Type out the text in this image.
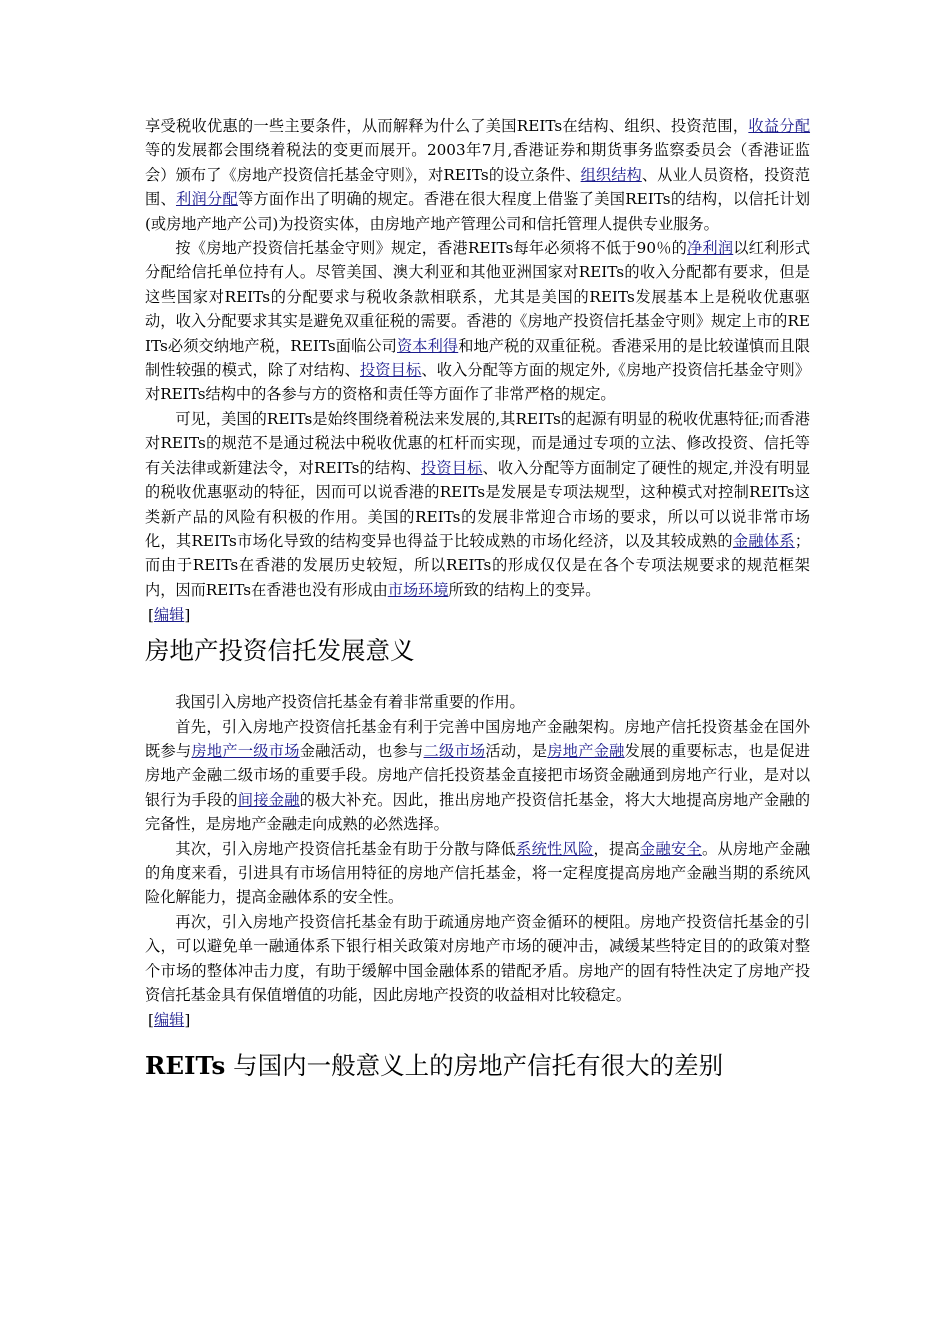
享受税收优惠的一些主要条件，从而解释为什么了美国REITs在结构、组织、投资范围，收益分配等的发展都会围绕着税法的变更而展开。2003年7月,香港证券和期货事务监察委员会（香港证监会）颁布了《房地产投资信托基金守则》，对REITs的设立条件、组织结构、从业人员资格，投资范围、利润分配等方面作出了明确的规定。香港在很大程度上借鉴了美国REITs的结构，以信托计划(或房地产地产公司)为投资实体，由房地产地产管理公司和信托管理人提供专业服务。

按《房地产投资信托基金守则》规定，香港REITs每年必须将不低于90％的净利润以红利形式分配给信托单位持有人。尽管美国、澳大利亚和其他亚洲国家对REITs的收入分配都有要求，但是这些国家对REITs的分配要求与税收条款相联系，尤其是美国的REITs发展基本上是税收优惠驱动，收入分配要求其实是避免双重征税的需要。香港的《房地产投资信托基金守则》规定上市的REITs必须交纳地产税，REITs面临公司资本利得和地产税的双重征税。香港采用的是比较谨慎而且限制性较强的模式，除了对结构、投资目标、收入分配等方面的规定外,《房地产投资信托基金守则》对REITs结构中的各参与方的资格和责任等方面作了非常严格的规定。

可见，美国的REITs是始终围绕着税法来发展的,其REITs的起源有明显的税收优惠特征;而香港对REITs的规范不是通过税法中税收优惠的杠杆而实现，而是通过专项的立法、修改投资、信托等有关法律或新建法令，对REITs的结构、投资目标、收入分配等方面制定了硬性的规定,并没有明显的税收优惠驱动的特征，因而可以说香港的REITs是发展是专项法规型，这种模式对控制REITs这类新产品的风险有积极的作用。美国的REITs的发展非常迎合市场的要求，所以可以说非常市场化，其REITs市场化导致的结构变异也得益于比较成熟的市场化经济，以及其较成熟的金融体系；而由于REITs在香港的发展历史较短，所以REITs的形成仅仅是在各个专项法规要求的规范框架内，因而REITs在香港也没有形成由市场环境所致的结构上的变异。

[编辑]
房地产投资信托发展意义

我国引入房地产投资信托基金有着非常重要的作用。

首先，引入房地产投资信托基金有利于完善中国房地产金融架构。房地产信托投资基金在国外既参与房地产一级市场金融活动，也参与二级市场活动，是房地产金融发展的重要标志，也是促进房地产金融二级市场的重要手段。房地产信托投资基金直接把市场资金融通到房地产行业，是对以银行为手段的间接金融的极大补充。因此，推出房地产投资信托基金，将大大地提高房地产金融的完备性，是房地产金融走向成熟的必然选择。

其次，引入房地产投资信托基金有助于分散与降低系统性风险，提高金融安全。从房地产金融的角度来看，引进具有市场信用特征的房地产信托基金，将一定程度提高房地产金融当期的系统风险化解能力，提高金融体系的安全性。

再次，引入房地产投资信托基金有助于疏通房地产资金循环的梗阻。房地产投资信托基金的引入，可以避免单一融通体系下银行相关政策对房地产市场的硬冲击，减缓某些特定目的的政策对整个市场的整体冲击力度，有助于缓解中国金融体系的错配矛盾。房地产的固有特性决定了房地产投资信托基金具有保值增值的功能，因此房地产投资的收益相对比较稳定。

[编辑]
REITs 与国内一般意义上的房地产信托有很大的差别
